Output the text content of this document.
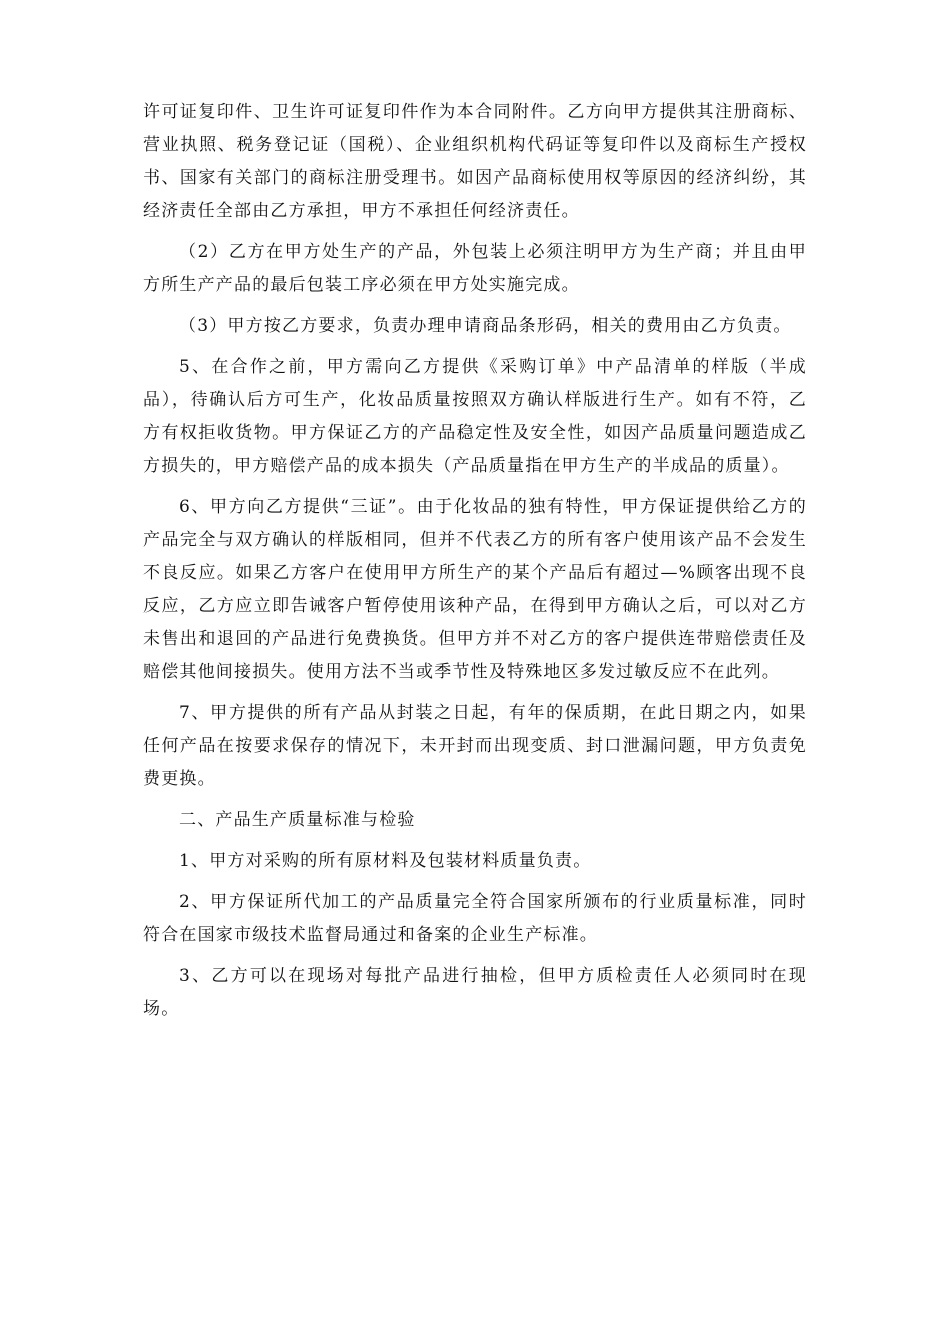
许可证复印件、卫生许可证复印件作为本合同附件。乙方向甲方提供其注册商标、营业执照、税务登记证（国税）、企业组织机构代码证等复印件以及商标生产授权书、国家有关部门的商标注册受理书。如因产品商标使用权等原因的经济纠纷，其经济责任全部由乙方承担，甲方不承担任何经济责任。

（2）乙方在甲方处生产的产品，外包装上必须注明甲方为生产商；并且由甲方所生产产品的最后包装工序必须在甲方处实施完成。

（3）甲方按乙方要求，负责办理申请商品条形码，相关的费用由乙方负责。

5、在合作之前，甲方需向乙方提供《采购订单》中产品清单的样版（半成品），待确认后方可生产，化妆品质量按照双方确认样版进行生产。如有不符，乙方有权拒收货物。甲方保证乙方的产品稳定性及安全性，如因产品质量问题造成乙方损失的，甲方赔偿产品的成本损失（产品质量指在甲方生产的半成品的质量）。

6、甲方向乙方提供“三证”。由于化妆品的独有特性，甲方保证提供给乙方的产品完全与双方确认的样版相同，但并不代表乙方的所有客户使用该产品不会发生不良反应。如果乙方客户在使用甲方所生产的某个产品后有超过—%顾客出现不良反应，乙方应立即告诫客户暂停使用该种产品，在得到甲方确认之后，可以对乙方未售出和退回的产品进行免费换货。但甲方并不对乙方的客户提供连带赔偿责任及赔偿其他间接损失。使用方法不当或季节性及特殊地区多发过敏反应不在此列。

7、甲方提供的所有产品从封装之日起，有年的保质期，在此日期之内，如果任何产品在按要求保存的情况下，未开封而出现变质、封口泄漏问题，甲方负责免费更换。

二、产品生产质量标准与检验

1、甲方对采购的所有原材料及包装材料质量负责。

2、甲方保证所代加工的产品质量完全符合国家所颁布的行业质量标准，同时符合在国家市级技术监督局通过和备案的企业生产标准。

3、乙方可以在现场对每批产品进行抽检，但甲方质检责任人必须同时在现场。
